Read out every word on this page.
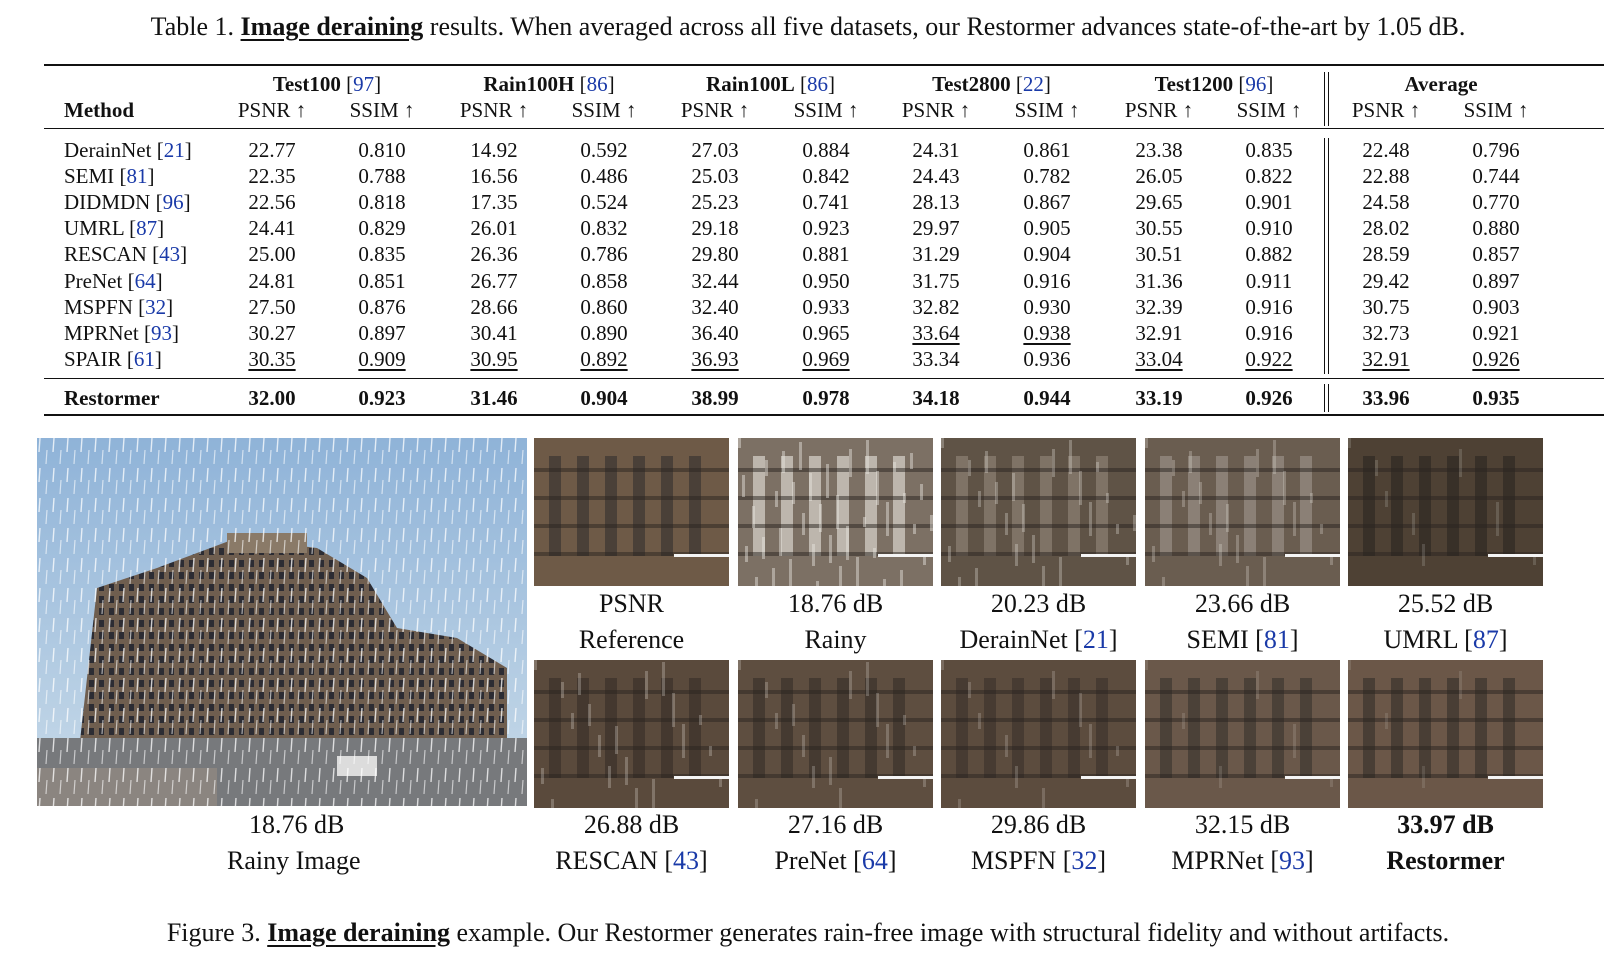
Table 1. Image deraining results. When averaged across all five datasets, our Restormer advances state-of-the-art by 1.05 dB.
Method
Test100 [97]	Rain100H [86]	Rain100L [86]	Test2800 [22]	Test1200 [96]	Average
PSNR ↑	SSIM ↑	PSNR ↑	SSIM ↑	PSNR ↑	SSIM ↑	PSNR ↑	SSIM ↑	PSNR ↑	SSIM ↑	PSNR ↑	SSIM ↑
DerainNet [21]	22.77	0.810	14.92	0.592	27.03	0.884	24.31	0.861	23.38	0.835	22.48	0.796
SEMI [81]	22.35	0.788	16.56	0.486	25.03	0.842	24.43	0.782	26.05	0.822	22.88	0.744
DIDMDN [96]	22.56	0.818	17.35	0.524	25.23	0.741	28.13	0.867	29.65	0.901	24.58	0.770
UMRL [87]	24.41	0.829	26.01	0.832	29.18	0.923	29.97	0.905	30.55	0.910	28.02	0.880
RESCAN [43]	25.00	0.835	26.36	0.786	29.80	0.881	31.29	0.904	30.51	0.882	28.59	0.857
PreNet [64]	24.81	0.851	26.77	0.858	32.44	0.950	31.75	0.916	31.36	0.911	29.42	0.897
MSPFN [32]	27.50	0.876	28.66	0.860	32.40	0.933	32.82	0.930	32.39	0.916	30.75	0.903
MPRNet [93]	30.27	0.897	30.41	0.890	36.40	0.965	33.64	0.938	32.91	0.916	32.73	0.921
SPAIR [61]	30.35	0.909	30.95	0.892	36.93	0.969	33.34	0.936	33.04	0.922	32.91	0.926
Restormer	32.00	0.923	31.46	0.904	38.99	0.978	34.18	0.944	33.19	0.926	33.96	0.935
PSNR
Reference
18.76 dB
Rainy
20.23 dB
DerainNet [21]
23.66 dB
SEMI [81]
25.52 dB
UMRL [87]
26.88 dB
RESCAN [43]
27.16 dB
PreNet [64]
29.86 dB
MSPFN [32]
32.15 dB
MPRNet [93]
33.97 dB
Restormer
18.76 dB
Rainy Image
Figure 3. Image deraining example. Our Restormer generates rain-free image with structural fidelity and without artifacts.
